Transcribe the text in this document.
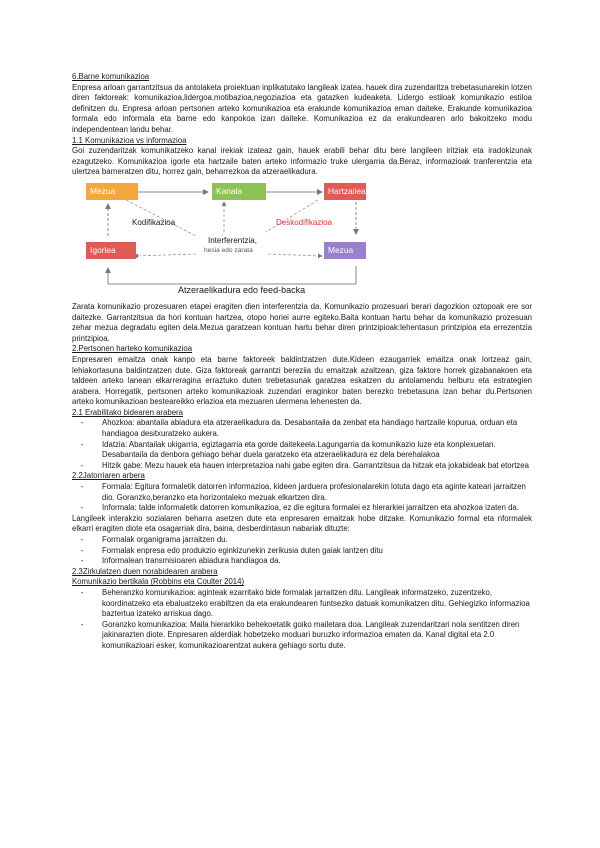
6.Barne komunikazioa

Enpresa arloan garrantzitsua da antolaketa proiektuan inplikatutako langileak izatea. hauek dira zuzendaritza trebetasunarekin lotzen diren faktoreak: komunikazioa,lidergoa,motibazioa,negoziazioa eta gatazken kudeaketa. Lidergo estiloak komunikazio estiloa definitzen du. Enpresa arloan pertsonen arteko komunikazioa eta erakunde komunikazioa eman daiteke. Erakunde komunikazioa formala edo informala eta barne edo kanpokoa izan daiteke. Komunikazioa ez da erakundearen arlo bakoitzeko modu independentean landu behar.

1.1 Komunikazioa vs informazioa

Goi zuzendaritzak komunikatzeko kanal irekiak izateaz gain, hauek erabili behar ditu bere langileen iritziak eta iradokizunak ezagutzeko. Komunikazioa igorle eta hartzaile baten arteko informazio truke ulergarria da.Beraz, informazioak tranferentzia eta ulertzea barneratzen ditu, horrez gain, beharrezkoa da atzeraelikadura.

Mezua	Kanala	Hartzailea
Igorlea	Mezua
Kodifikazioa	Deskodifikazioa
Interferentzia,
hesia edo zarata
Atzeraelikadura edo feed-backa

Zarata komunikazio prozesuaren etapei eragiten dien interferentzia da. Komunikazio prozesuari berari dagozkion oztopoak ere sor daitezke. Garrantzitsua da hori kontuan hartzea, otopo horiei aurre egiteko.Baita kontuan hartu behar da komunikazio prozesuan zehar mezua degradatu egiten dela.Mezua garatzean kontuan hartu behar diren printzipioak:lehentasun printzipioa eta errezentzia printzipioa.

2.Pertsonen harteko komunikazioa

Enpresaren emaitza onak kanpo eta barne faktoreek baldintzatzen dute.Kideen ezaugarriek emaitza onak lortzeaz gain, lehiakortasuna baldintzatzen dute. Giza faktoreak garrantzi bereziia du emaitzak azaltzean, giza faktore horrek gizabanakoen eta taldeen arteko lanean elkarreragina erraztuko duten trebetasunak garatzea eskatzen du antolamendu helburu eta estrategien arabera. Horregatik, pertsonen arteko komunikazioak zuzendari eraginkor baten berezko trebetasuna izan behar du.Pertsonen arteko komunikazioan besteareikko erlazioa eta mezuaren ulermena lehenesten da.

2.1 Erabilitako bidearen arabera

-	Ahozkoa: abantaila abiadura eta atzeraelikadura da. Desabantaila da zenbat eta handiago hartzaile kopurua, orduan eta handiagoa desitxuratzeko aukera.
-	Idatzia: Abantailak ukigarria, egiztagarria eta gorde daitekeela.Lagungarria da komunikazio luze eta konplexuetan. Desabantaila da denbora gehiago behar duela garatzeko eta atzeraelikadura ez dela berehalakoa
-	Hitzik gabe: Mezu hauek eta hauen interpretazioa nahi gabe egiten dira. Garrantzitsua da hitzak eta jokabideak bat etortzea

2.2Jatorriaren arbera

-	Formala: Egitura formaletik datorren informazioa, kideen jarduera profesionalarekin lotuta dago eta aginte kateari jarraitzen dio. Goranzko,beranzko eta horizontaleko mezuak elkartzen dira.
-	Informala: talde informaletik datorren komunikazioa, ez die egitura formalei ez hierarkiei jarraitzen eta ahozkoa izaten da.

Langileek interakzio sozialaren beharra asetzen dute eta enpresaren emaitzak hobe ditzake. Komunikazio formal eta nformalek elkarri eragiten diote eta osagarriak dira, baina, desberdintasun nabariak dituzte:

-	Formalak organigrama jarraitzen du.
-	Formalak enpresa edo produkzio eginkizunekin zerikusia duten gaiak lantzen ditu
-	Informalean transmisioaren abiadura handiagoa da.

2.3Zirkulatzen duen norabidearen arabera

Komunikazio bertikala (Robbins eta Coulter 2014)

-	Beheranzko komunikazioa: aginteak ezarritako bide formalak jarraitzen ditu. Langileak informatzeko, zuzentzeko, koordinatzeko eta ebaluatzeko erabiltzen da eta erakundearen funtsezko datuak komunikatzen ditu. Gehiegizko informazioa baztertua izateko arriskua dago.
-	Goranzko komunikazioa: Maila hierarkiko behekoetatik goiko mailetara doa. Langileak zuzendaritzari nola sentitzen diren jakinarazten diote. Enpresaren alderdiak hobetzeko moduari buruzko informazioa ematen da. Kanal digital eta 2.0 komunikazioari esker, komunikazioarentzat aukera gehiago sortu dute.
